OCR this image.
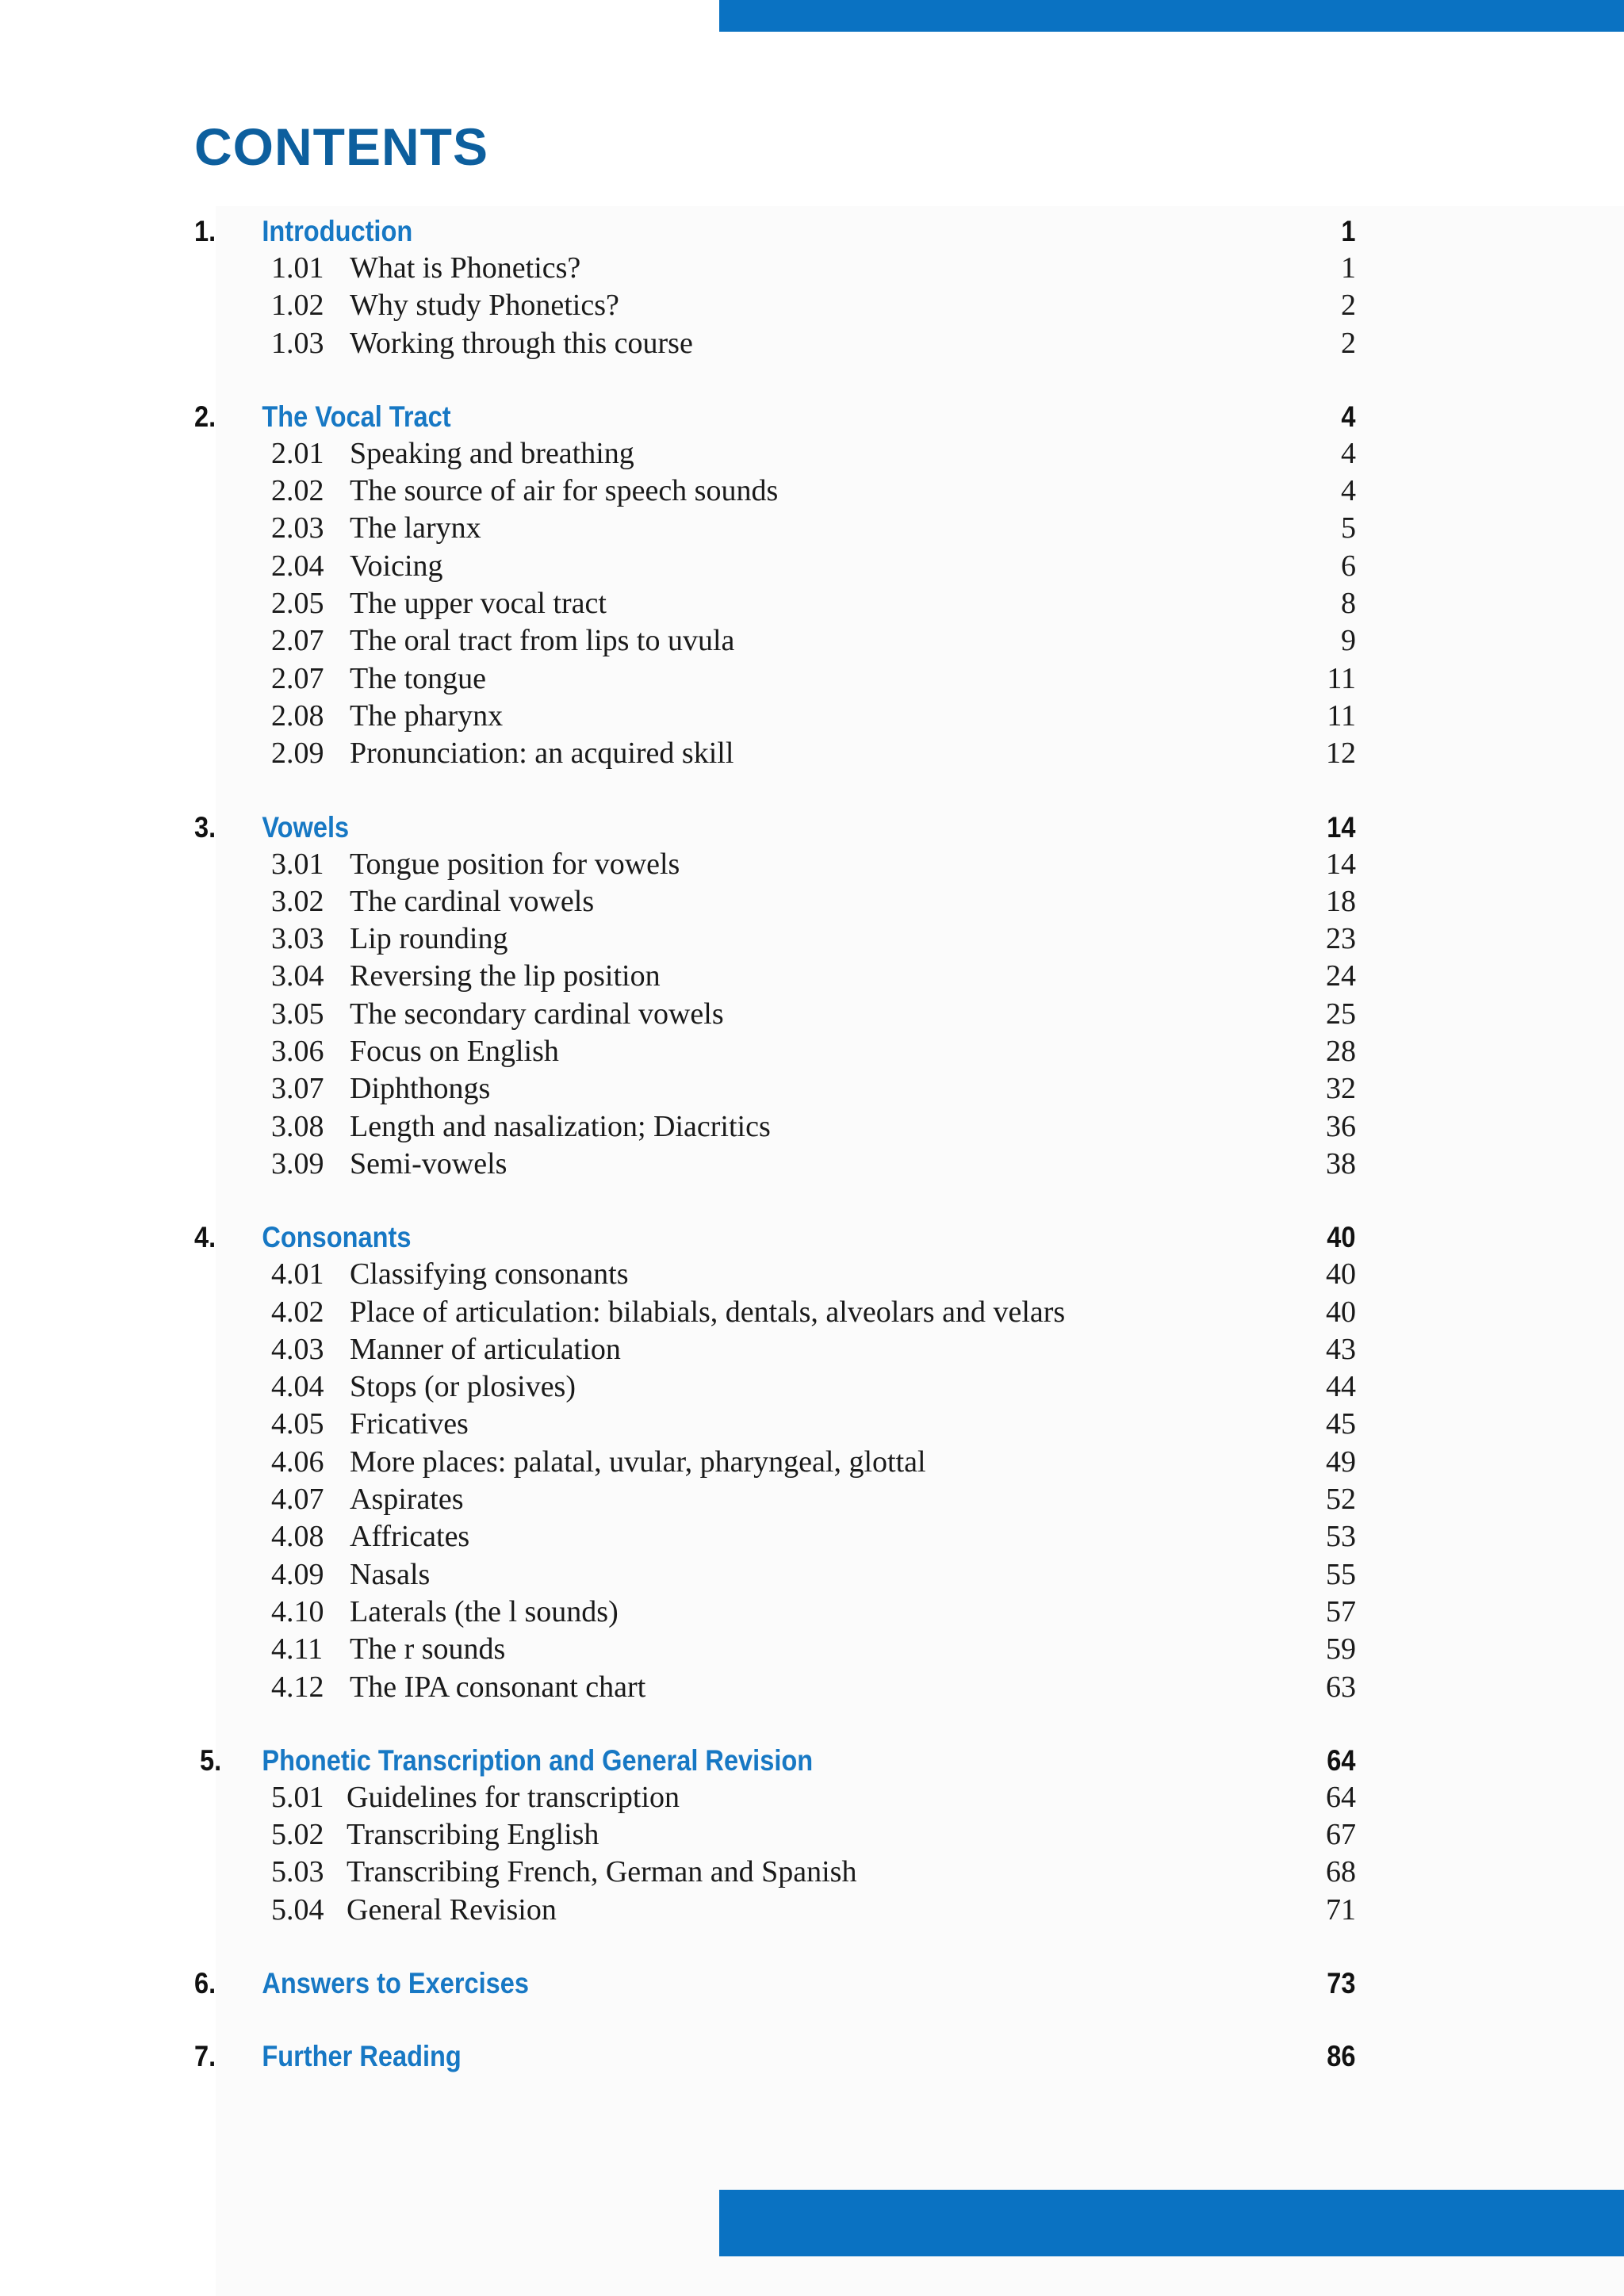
CONTENTS
1. Introduction	1
1.01 What is Phonetics?	1
1.02 Why study Phonetics?	2
1.03 Working through this course	2
2. The Vocal Tract	4
2.01 Speaking and breathing	4
2.02 The source of air for speech sounds	4
2.03 The larynx	5
2.04 Voicing	6
2.05 The upper vocal tract	8
2.07 The oral tract from lips to uvula	9
2.07 The tongue	11
2.08 The pharynx	11
2.09 Pronunciation: an acquired skill	12
3. Vowels	14
3.01 Tongue position for vowels	14
3.02 The cardinal vowels	18
3.03 Lip rounding	23
3.04 Reversing the lip position	24
3.05 The secondary cardinal vowels	25
3.06 Focus on English	28
3.07 Diphthongs	32
3.08 Length and nasalization; Diacritics	36
3.09 Semi-vowels	38
4. Consonants	40
4.01 Classifying consonants	40
4.02 Place of articulation: bilabials, dentals, alveolars and velars	40
4.03 Manner of articulation	43
4.04 Stops (or plosives)	44
4.05 Fricatives	45
4.06 More places: palatal, uvular, pharyngeal, glottal	49
4.07 Aspirates	52
4.08 Affricates	53
4.09 Nasals	55
4.10 Laterals (the l sounds)	57
4.11 The r sounds	59
4.12 The IPA consonant chart	63
5. Phonetic Transcription and General Revision	64
5.01 Guidelines for transcription	64
5.02 Transcribing English	67
5.03 Transcribing French, German and Spanish	68
5.04 General Revision	71
6. Answers to Exercises	73
7. Further Reading	86
